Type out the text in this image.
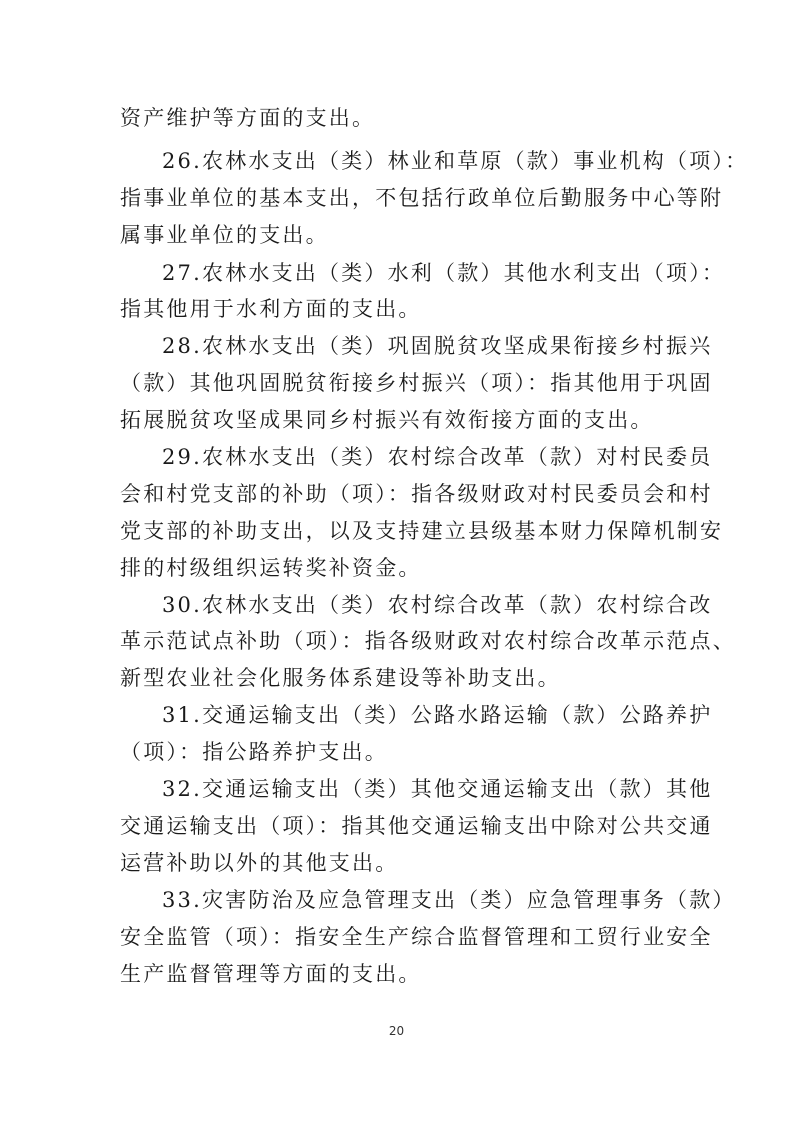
资产维护等方面的支出。
26.农林水支出（类）林业和草原（款）事业机构（项）：
指事业单位的基本支出，不包括行政单位后勤服务中心等附
属事业单位的支出。
27.农林水支出（类）水利（款）其他水利支出（项）：
指其他用于水利方面的支出。
28.农林水支出（类）巩固脱贫攻坚成果衔接乡村振兴
（款）其他巩固脱贫衔接乡村振兴（项）：指其他用于巩固
拓展脱贫攻坚成果同乡村振兴有效衔接方面的支出。
29.农林水支出（类）农村综合改革（款）对村民委员
会和村党支部的补助（项）：指各级财政对村民委员会和村
党支部的补助支出，以及支持建立县级基本财力保障机制安
排的村级组织运转奖补资金。
30.农林水支出（类）农村综合改革（款）农村综合改
革示范试点补助（项）：指各级财政对农村综合改革示范点、
新型农业社会化服务体系建设等补助支出。
31.交通运输支出（类）公路水路运输（款）公路养护
（项）：指公路养护支出。
32.交通运输支出（类）其他交通运输支出（款）其他
交通运输支出（项）：指其他交通运输支出中除对公共交通
运营补助以外的其他支出。
33.灾害防治及应急管理支出（类）应急管理事务（款）
安全监管（项）：指安全生产综合监督管理和工贸行业安全
生产监督管理等方面的支出。
20
